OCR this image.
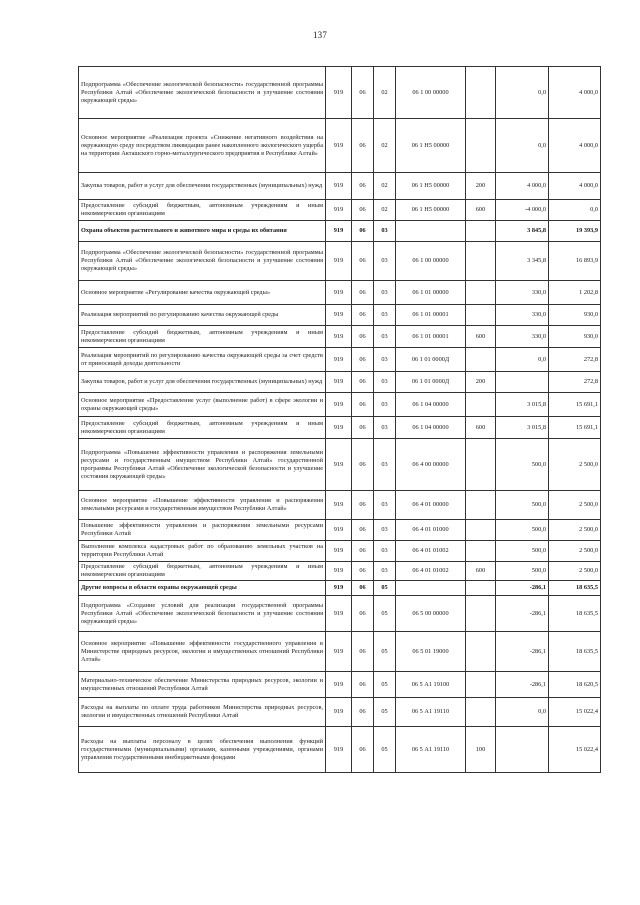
137
Подпрограмма «Обеспечение экологической безопасности» государственной программы Республики Алтай «Обеспечение экологической безопасности и улучшение состояния окружающей среды»	919	06	02	06 1 00 00000		0,0	4 000,0
Основное мероприятие «Реализация проекта «Снижение негативного воздействия на окружающую среду посредством ликвидации ранее накопленного экологического ущерба на территории Акташского горно-металлургического предприятия в Республике Алтай»	919	06	02	06 1 Н5 00000		0,0	4 000,0
Закупка товаров, работ и услуг для обеспечения государственных (муниципальных) нужд	919	06	02	06 1 Н5 00000	200	4 000,0	4 000,0
Предоставление субсидий бюджетным, автономным учреждениям и иным некоммерческим организациям	919	06	02	06 1 Н5 00000	600	-4 000,0	0,0
Охрана объектов растительного и животного мира и среды их обитания	919	06	03			3 845,8	19 393,9
Подпрограмма «Обеспечение экологической безопасности» государственной программы Республики Алтай «Обеспечение экологической безопасности и улучшение состояния окружающей среды»	919	06	03	06 1 00 00000		3 345,8	16 893,9
Основное мероприятие «Регулирование качества окружающей среды»	919	06	03	06 1 01 00000		330,0	1 202,8
Реализация мероприятий по регулированию качества окружающей среды	919	06	03	06 1 01 00001		330,0	930,0
Предоставление субсидий бюджетным, автономным учреждениям и иным некоммерческим организациям	919	06	03	06 1 01 00001	600	330,0	930,0
Реализация мероприятий по регулированию качества окружающей среды за счет средств от приносящей доходы деятельности	919	06	03	06 1 01 0000Д		0,0	272,8
Закупка товаров, работ и услуг для обеспечения государственных (муниципальных) нужд	919	06	03	06 1 01 0000Д	200		272,8
Основное мероприятие «Предоставление услуг (выполнение работ) в сфере экологии и охраны окружающей среды»	919	06	03	06 1 04 00000		3 015,8	15 691,1
Предоставление субсидий бюджетным, автономным учреждениям и иным некоммерческим организациям	919	06	03	06 1 04 00000	600	3 015,8	15 691,1
Подпрограмма «Повышение эффективности управления и распоряжения земельными ресурсами и государственным имуществом Республики Алтай» государственной программы Республики Алтай «Обеспечение экологической безопасности и улучшение состояния окружающей среды»	919	06	03	06 4 00 00000		500,0	2 500,0
Основное мероприятие «Повышение эффективности управления и распоряжения земельными ресурсами и государственным имуществом Республики Алтай»	919	06	03	06 4 01 00000		500,0	2 500,0
Повышение эффективности управления и распоряжения земельными ресурсами Республики Алтай	919	06	03	06 4 01 01000		500,0	2 500,0
Выполнение комплекса кадастровых работ по образованию земельных участков на территории Республики Алтай	919	06	03	06 4 01 01002		500,0	2 500,0
Предоставление субсидий бюджетным, автономным учреждениям и иным некоммерческим организациям	919	06	03	06 4 01 01002	600	500,0	2 500,0
Другие вопросы в области охраны окружающей среды	919	06	05			-286,1	18 635,5
Подпрограмма «Создание условий для реализации государственной программы Республики Алтай «Обеспечение экологической безопасности и улучшение состояния окружающей среды»	919	06	05	06 5 00 00000		-286,1	18 635,5
Основное мероприятие «Повышение эффективности государственного управления в Министерстве природных ресурсов, экологии и имущественных отношений Республики Алтай»	919	06	05	06 5 01 19000		-286,1	18 635,5
Материально-техническое обеспечение Министерства природных ресурсов, экологии и имущественных отношений Республики Алтай	919	06	05	06 5 А1 19100		-286,1	18 620,5
Расходы на выплаты по оплате труда работников Министерства природных ресурсов, экологии и имущественных отношений Республики Алтай	919	06	05	06 5 А1 19110		0,0	15 022,4
Расходы на выплаты персоналу в целях обеспечения выполнения функций государственными (муниципальными) органами, казенными учреждениями, органами управления государственными внебюджетными фондами	919	06	05	06 5 А1 19110	100		15 022,4
